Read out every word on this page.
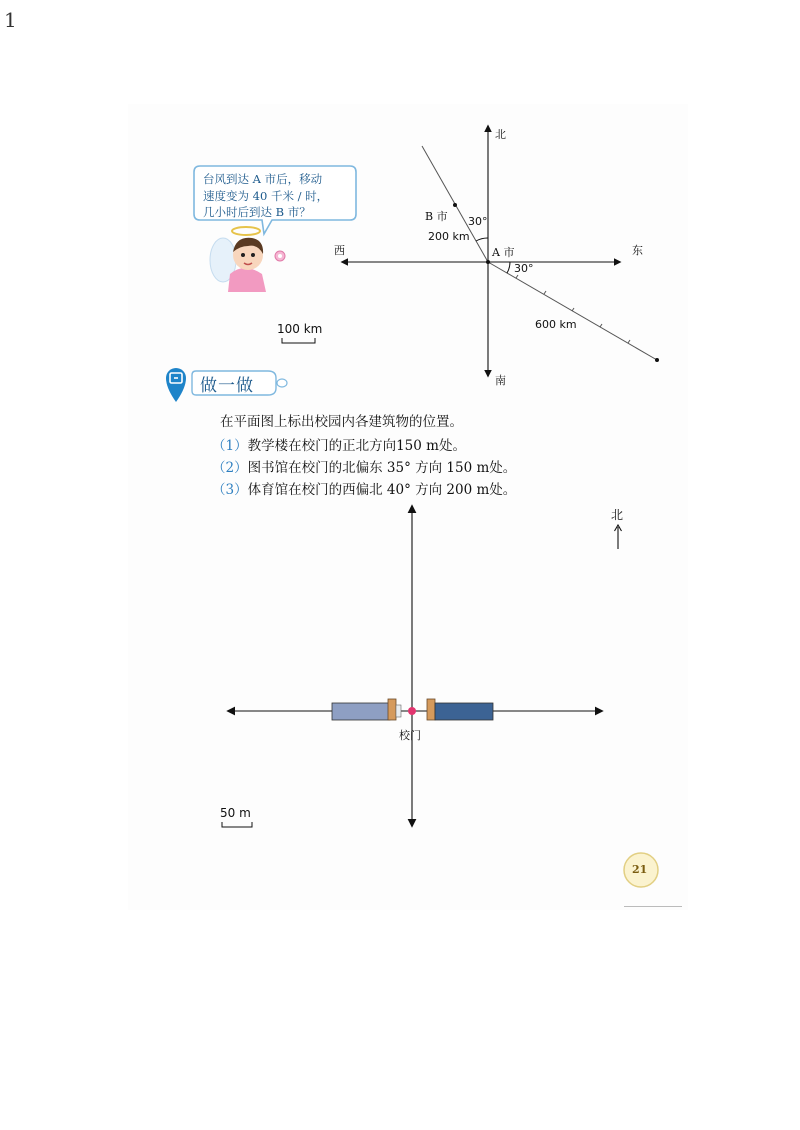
1
台风到达 A 市后，移动
速度变为 40 千米 / 时，
几小时后到达 B 市？
北
南
东
西
B 市 30°
200 km
A 市
30°
600 km
100 km
做一做
在平面图上标出校园内各建筑物的位置。
（1）教学楼在校门的正北方向150 m处。
（2）图书馆在校门的北偏东 35° 方向 150 m处。
（3）体育馆在校门的西偏北 40° 方向 200 m处。
北
校门
50 m
21
